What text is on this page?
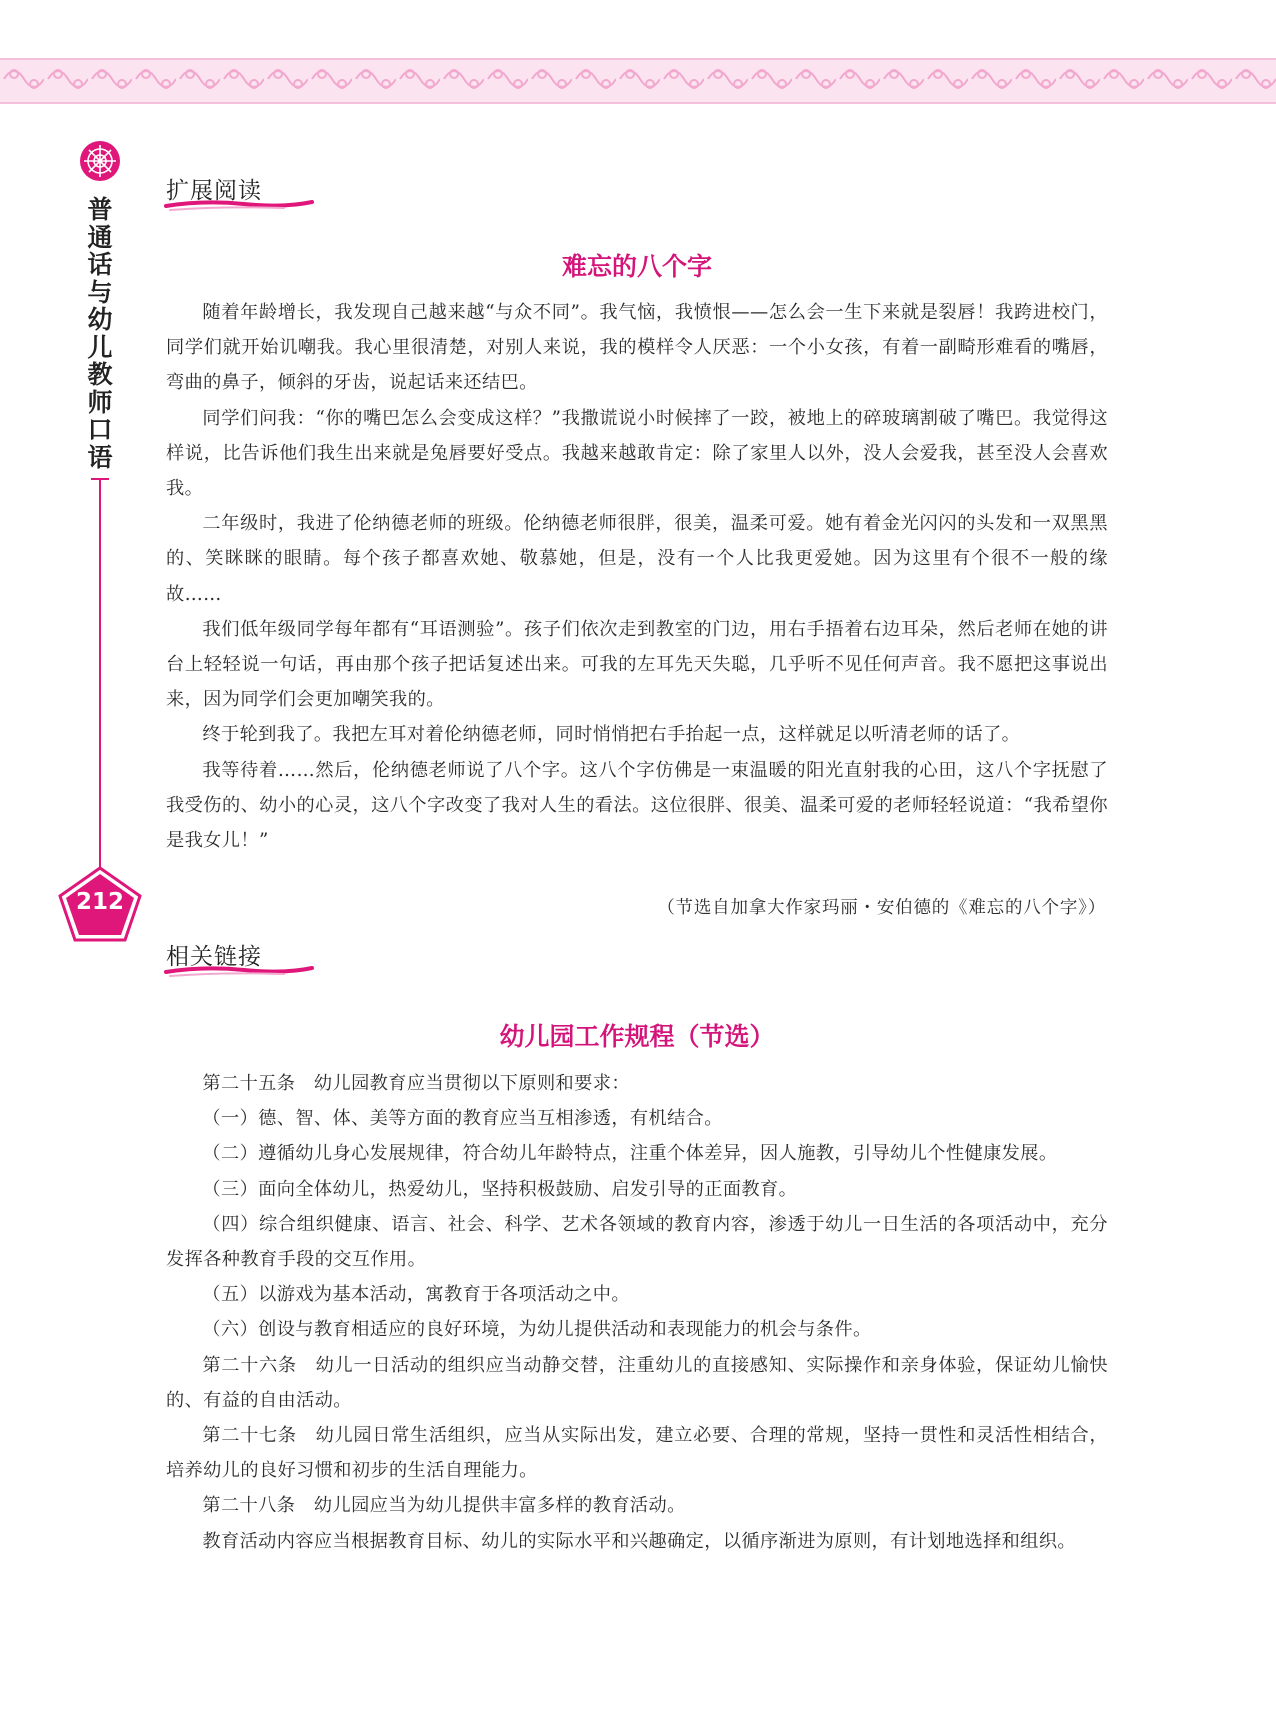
普
通
话
与
幼
儿
教
师
口
语
212
扩展阅读
难忘的八个字

随着年龄增长，我发现自己越来越“与众不同”。我气恼，我愤恨——怎么会一生下来就是裂唇！我跨进校门，同学们就开始讥嘲我。我心里很清楚，对别人来说，我的模样令人厌恶：一个小女孩，有着一副畸形难看的嘴唇，弯曲的鼻子，倾斜的牙齿，说起话来还结巴。

同学们问我：“你的嘴巴怎么会变成这样？”我撒谎说小时候摔了一跤，被地上的碎玻璃割破了嘴巴。我觉得这样说，比告诉他们我生出来就是兔唇要好受点。我越来越敢肯定：除了家里人以外，没人会爱我，甚至没人会喜欢我。

二年级时，我进了伦纳德老师的班级。伦纳德老师很胖，很美，温柔可爱。她有着金光闪闪的头发和一双黑黑的、笑眯眯的眼睛。每个孩子都喜欢她、敬慕她，但是，没有一个人比我更爱她。因为这里有个很不一般的缘故……

我们低年级同学每年都有“耳语测验”。孩子们依次走到教室的门边，用右手捂着右边耳朵，然后老师在她的讲台上轻轻说一句话，再由那个孩子把话复述出来。可我的左耳先天失聪，几乎听不见任何声音。我不愿把这事说出来，因为同学们会更加嘲笑我的。

终于轮到我了。我把左耳对着伦纳德老师，同时悄悄把右手抬起一点，这样就足以听清老师的话了。

我等待着……然后，伦纳德老师说了八个字。这八个字仿佛是一束温暖的阳光直射我的心田，这八个字抚慰了我受伤的、幼小的心灵，这八个字改变了我对人生的看法。这位很胖、很美、温柔可爱的老师轻轻说道：“我希望你是我女儿！”

（节选自加拿大作家玛丽・安伯德的《难忘的八个字》）
相关链接
幼儿园工作规程（节选）

第二十五条　幼儿园教育应当贯彻以下原则和要求：

（一）德、智、体、美等方面的教育应当互相渗透，有机结合。

（二）遵循幼儿身心发展规律，符合幼儿年龄特点，注重个体差异，因人施教，引导幼儿个性健康发展。

（三）面向全体幼儿，热爱幼儿，坚持积极鼓励、启发引导的正面教育。

（四）综合组织健康、语言、社会、科学、艺术各领域的教育内容，渗透于幼儿一日生活的各项活动中，充分发挥各种教育手段的交互作用。

（五）以游戏为基本活动，寓教育于各项活动之中。

（六）创设与教育相适应的良好环境，为幼儿提供活动和表现能力的机会与条件。

第二十六条　幼儿一日活动的组织应当动静交替，注重幼儿的直接感知、实际操作和亲身体验，保证幼儿愉快的、有益的自由活动。

第二十七条　幼儿园日常生活组织，应当从实际出发，建立必要、合理的常规，坚持一贯性和灵活性相结合，培养幼儿的良好习惯和初步的生活自理能力。

第二十八条　幼儿园应当为幼儿提供丰富多样的教育活动。

教育活动内容应当根据教育目标、幼儿的实际水平和兴趣确定，以循序渐进为原则，有计划地选择和组织。
